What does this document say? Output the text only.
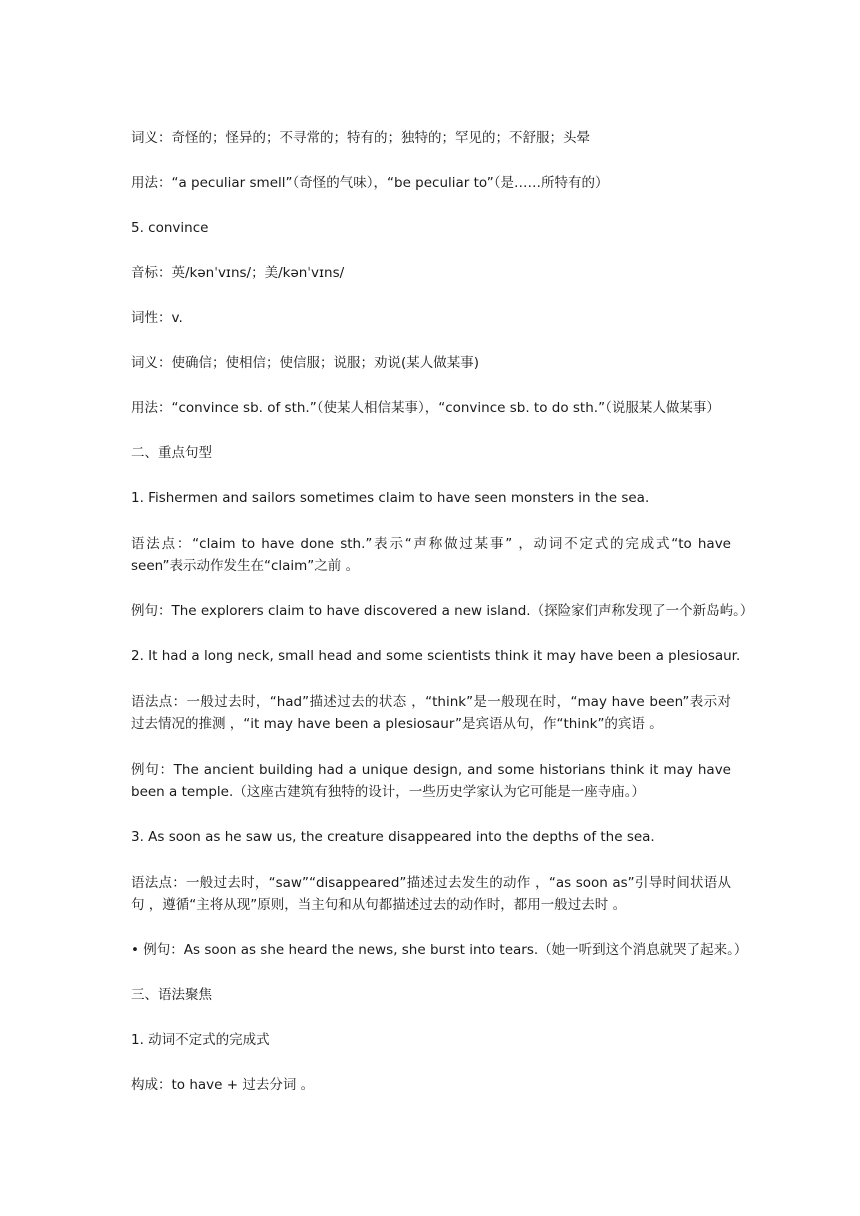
词义：奇怪的；怪异的；不寻常的；特有的；独特的；罕见的；不舒服；头晕
用法：“a peculiar smell”（奇怪的气味），“be peculiar to”（是……所特有的）
5. convince
音标：英/kənˈvɪns/；美/kənˈvɪns/
词性：v.
词义：使确信；使相信；使信服；说服；劝说(某人做某事)
用法：“convince sb. of sth.”（使某人相信某事），“convince sb. to do sth.”（说服某人做某事）
二、重点句型
1. Fishermen and sailors sometimes claim to have seen monsters in the sea.
语法点：“claim to have done sth.”表示“声称做过某事” ，动词不定式的完成式“to have seen”表示动作发生在“claim”之前 。
例句：The explorers claim to have discovered a new island.（探险家们声称发现了一个新岛屿。）
2. It had a long neck, small head and some scientists think it may have been a plesiosaur.
语法点：一般过去时，“had”描述过去的状态 ，“think”是一般现在时，“may have been”表示对过去情况的推测 ，“it may have been a plesiosaur”是宾语从句，作“think”的宾语 。
例句：The ancient building had a unique design, and some historians think it may have been a temple.（这座古建筑有独特的设计，一些历史学家认为它可能是一座寺庙。）
3. As soon as he saw us, the creature disappeared into the depths of the sea.
语法点：一般过去时，“saw”“disappeared”描述过去发生的动作 ，“as soon as”引导时间状语从句 ，遵循“主将从现”原则，当主句和从句都描述过去的动作时，都用一般过去时 。
• 例句：As soon as she heard the news, she burst into tears.（她一听到这个消息就哭了起来。）
三、语法聚焦
1. 动词不定式的完成式
构成：to have + 过去分词 。
